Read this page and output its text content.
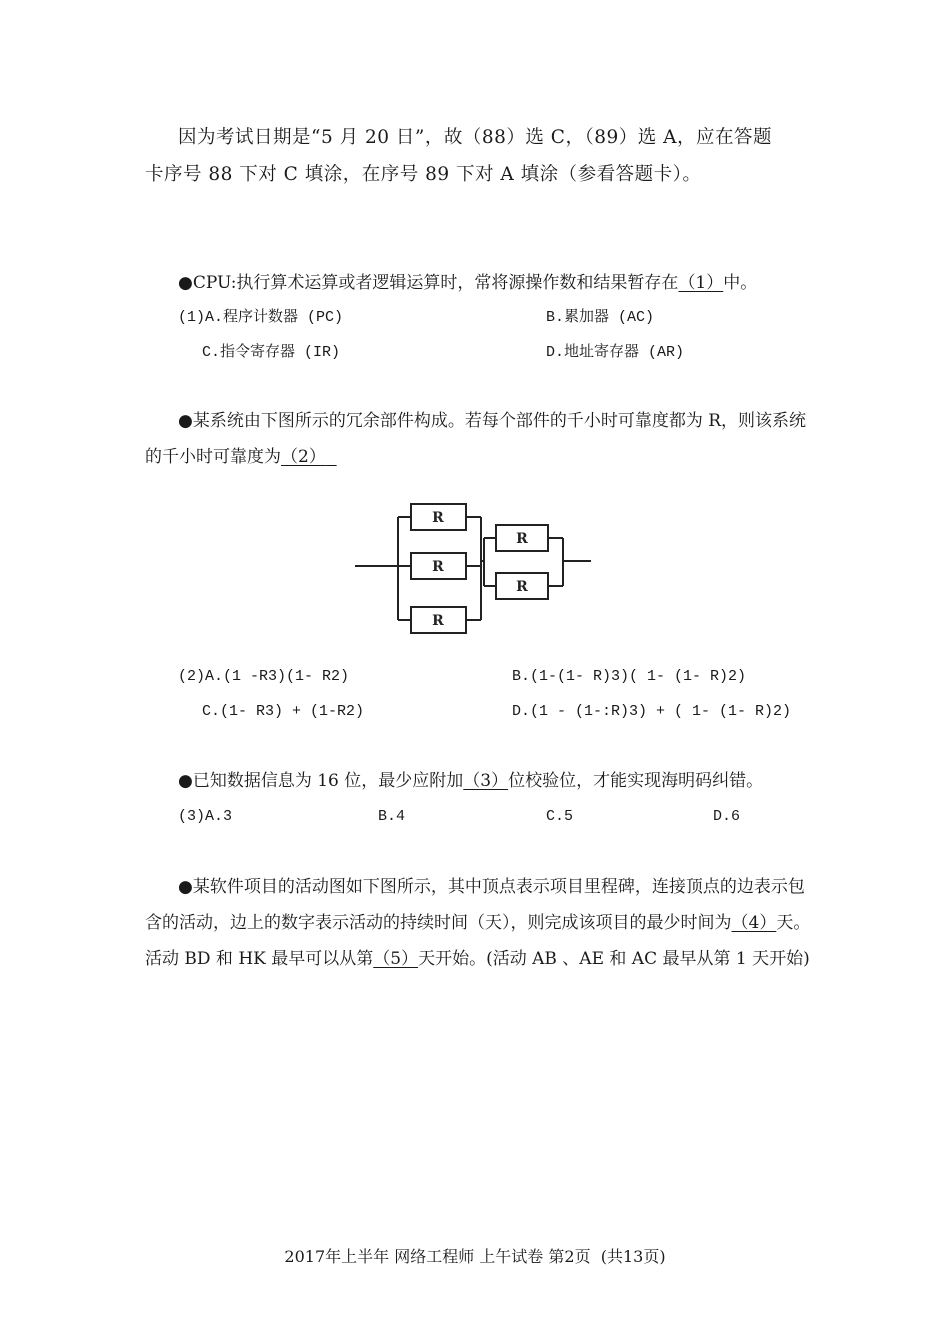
因为考试日期是“5 月 20 日”，故（88）选 C，（89）选 A，应在答题
卡序号 88 下对 C 填涂，在序号 89 下对 A 填涂（参看答题卡）。
●CPU:执行算术运算或者逻辑运算时，常将源操作数和结果暂存在（1）中。
(1)A.程序计数器 (PC)	B.累加器 (AC)
C.指令寄存器 (IR)	D.地址寄存器 (AR)
●某系统由下图所示的冗余部件构成。若每个部件的千小时可靠度都为 R，则该系统
的千小时可靠度为（2）
R
R
R
R
R
(2)A.(1 -R3)(1- R2)	B.(1-(1- R)3)( 1- (1- R)2)
C.(1- R3) + (1-R2)	D.(1 - (1-:R)3) + ( 1- (1- R)2)
●已知数据信息为 16 位，最少应附加（3）位校验位，才能实现海明码纠错。
(3)A.3	B.4	C.5	D.6
●某软件项目的活动图如下图所示，其中顶点表示项目里程碑，连接顶点的边表示包
含的活动，边上的数字表示活动的持续时间（天），则完成该项目的最少时间为（4）天。
活动 BD 和 HK 最早可以从第（5）天开始。(活动 AB 、AE 和 AC 最早从第 1 天开始)
2017年上半年 网络工程师 上午试卷 第2页  (共13页)
